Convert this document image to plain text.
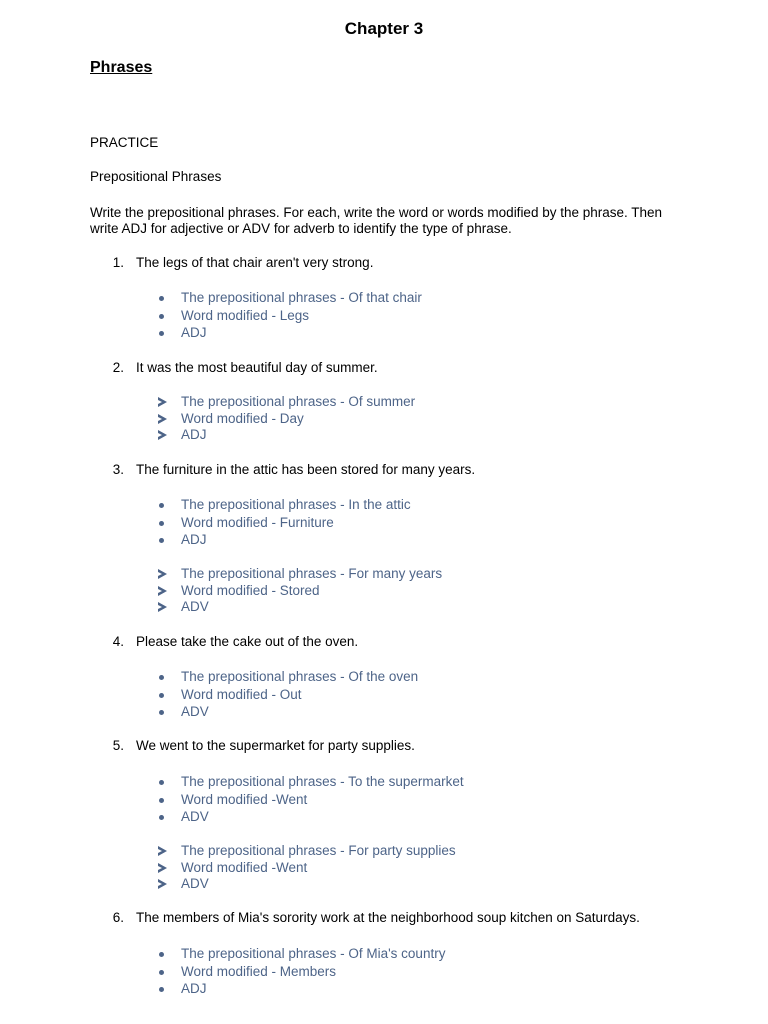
Chapter 3
Phrases
PRACTICE
Prepositional Phrases
Write the prepositional phrases. For each, write the word or words modified by the phrase. Then
write ADJ for adjective or ADV for adverb to identify the type of phrase.
1. The legs of that chair aren't very strong.
The prepositional phrases - Of that chair
Word modified - Legs
ADJ
2. It was the most beautiful day of summer.
The prepositional phrases - Of summer
Word modified - Day
ADJ
3. The furniture in the attic has been stored for many years.
The prepositional phrases - In the attic
Word modified - Furniture
ADJ
The prepositional phrases - For many years
Word modified - Stored
ADV
4. Please take the cake out of the oven.
The prepositional phrases - Of the oven
Word modified - Out
ADV
5. We went to the supermarket for party supplies.
The prepositional phrases - To the supermarket
Word modified -Went
ADV
The prepositional phrases - For party supplies
Word modified -Went
ADV
6. The members of Mia's sorority work at the neighborhood soup kitchen on Saturdays.
The prepositional phrases - Of Mia's country
Word modified - Members
ADJ
